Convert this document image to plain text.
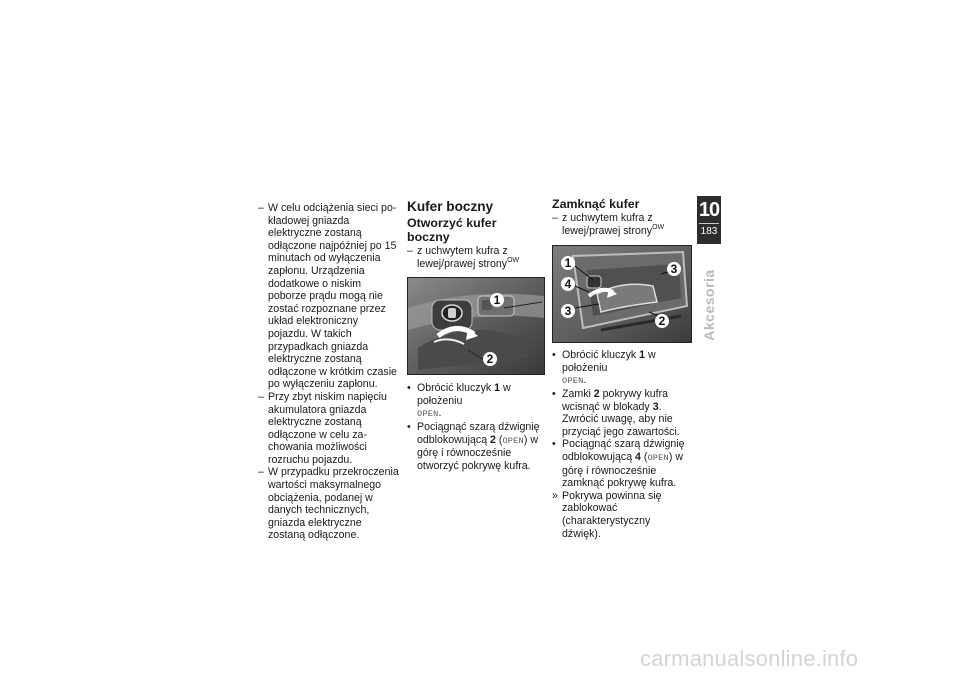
– W celu odciążenia sieci pokładowej gniazda elektryczne zostaną odłączone najpóźniej po 15 minutach od wyłączenia zapłonu. Urządzenia dodatkowe o niskim poborze prądu mogą nie zostać rozpoznane przez układ elektroniczny pojazdu. W takich przypadkach gniazda elektryczne zostaną odłączone w krótkim czasie po wyłączeniu zapłonu.

– Przy zbyt niskim napięciu akumulatora gniazda elektryczne zostaną odłączone w celu zachowania możliwości rozruchu pojazdu.

– W przypadku przekroczenia wartości maksymalnego obciążenia, podanej w danych technicznych, gniazda elektryczne zostaną odłączone.

Kufer boczny
Otworzyć kufer boczny

– z uchwytem kufra z lewej/prawej strony$^{OW}$

1
2

• Obrócić kluczyk 1 w położeniu
OPEN.

• Pociągnąć szarą dźwignię odblokowującą 2 (OPEN) w górę i równocześnie otworzyć pokrywę kufra.

Zamknąć kufer

– z uchwytem kufra z lewej/prawej strony$^{OW}$

1
4
3
3
2

• Obrócić kluczyk 1 w położeniu
OPEN.

• Zamki 2 pokrywy kufra wcisnąć w blokady 3. Zwrócić uwagę, aby nie przyciąć jego zawartości.

• Pociągnąć szarą dźwignię odblokowującą 4 (OPEN) w górę i równocześnie zamknąć pokrywę kufra.

» Pokrywa powinna się zablokować (charakterystyczny dźwięk).

10
183
Akcesoria
carmanualsonline.info
